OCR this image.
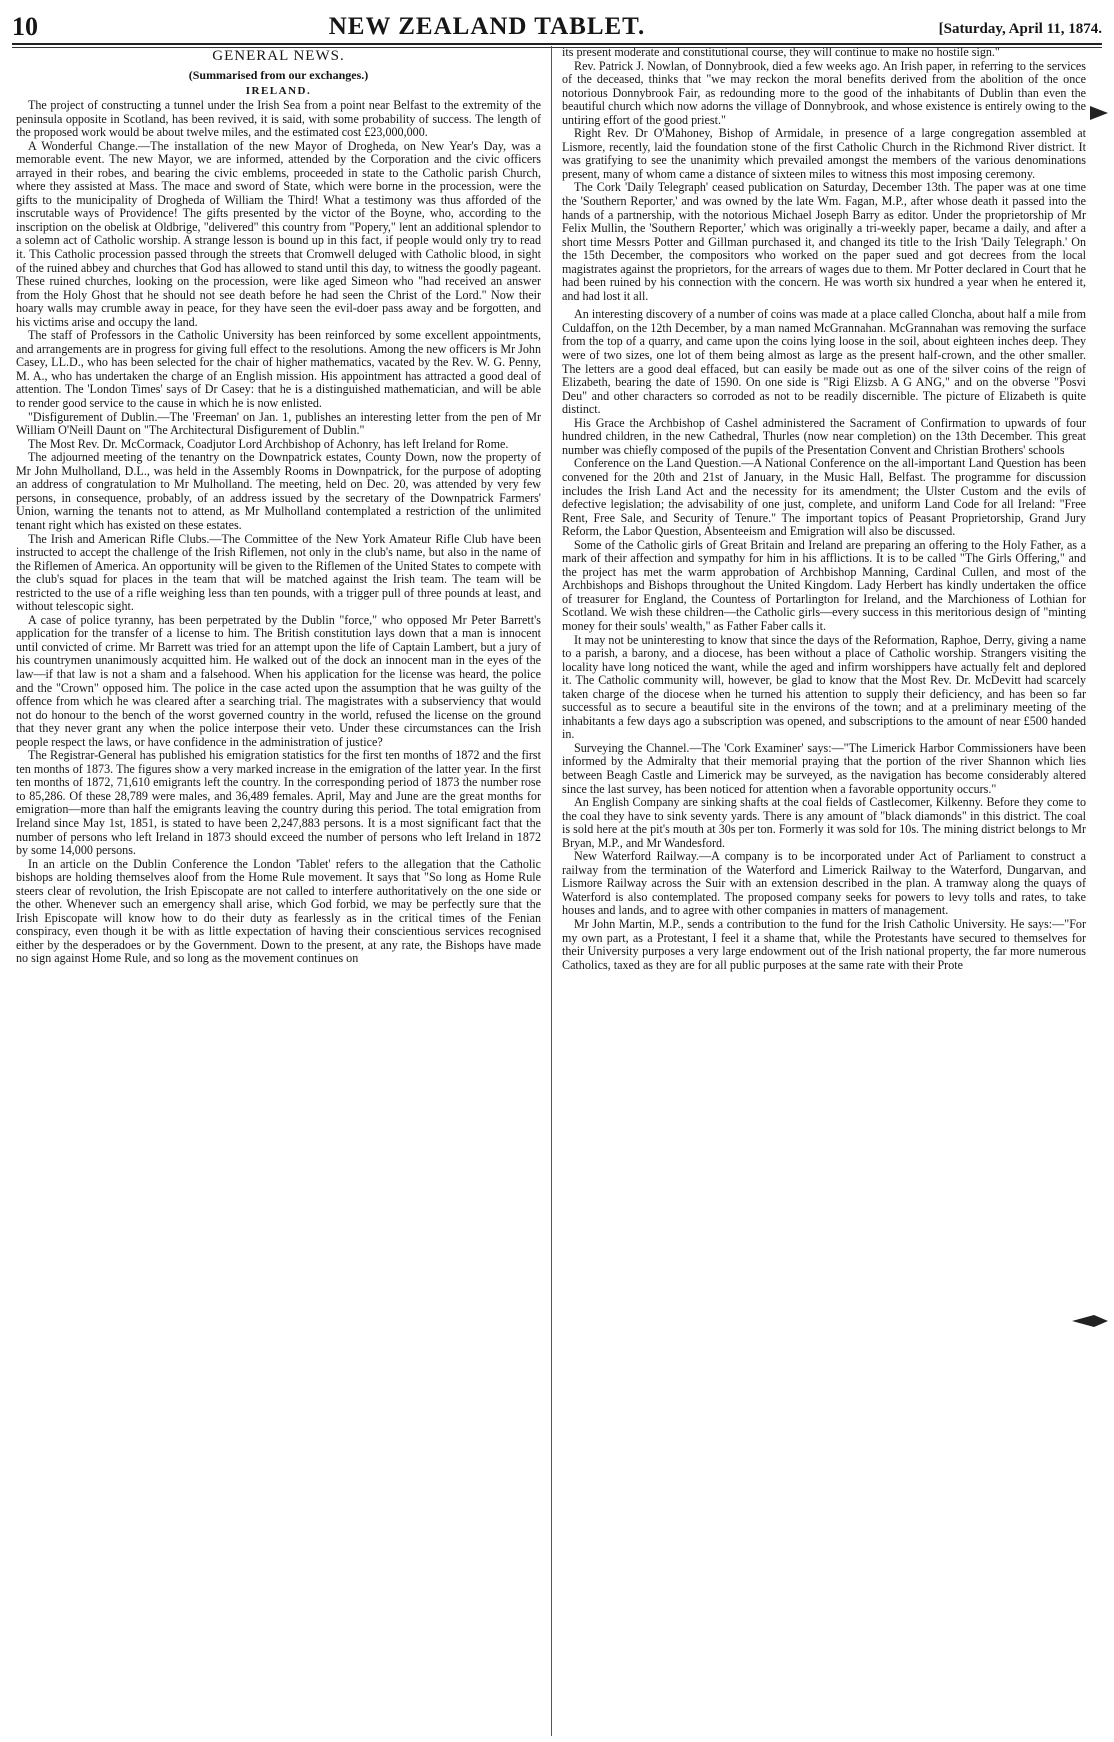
10	NEW ZEALAND TABLET.	[Saturday, April 11, 1874.
GENERAL NEWS.
(Summarised from our exchanges.)
IRELAND.

The project of constructing a tunnel under the Irish Sea from a point near Belfast to the extremity of the peninsula opposite in Scotland, has been revived, it is said, with some probability of success. The length of the proposed work would be about twelve miles, and the estimated cost £23,000,000.

A Wonderful Change.—The installation of the new Mayor of Drogheda, on New Year's Day, was a memorable event. The new Mayor, we are informed, attended by the Corporation and the civic officers arrayed in their robes, and bearing the civic emblems, proceeded in state to the Catholic parish Church, where they assisted at Mass. The mace and sword of State, which were borne in the procession, were the gifts to the municipality of Drogheda of William the Third! What a testimony was thus afforded of the inscrutable ways of Providence! The gifts presented by the victor of the Boyne, who, according to the inscription on the obelisk at Oldbrige, "delivered" this country from "Popery," lent an additional splendor to a solemn act of Catholic worship. A strange lesson is bound up in this fact, if people would only try to read it. This Catholic procession passed through the streets that Cromwell deluged with Catholic blood, in sight of the ruined abbey and churches that God has allowed to stand until this day, to witness the goodly pageant. These ruined churches, looking on the procession, were like aged Simeon who "had received an answer from the Holy Ghost that he should not see death before he had seen the Christ of the Lord." Now their hoary walls may crumble away in peace, for they have seen the evil-doer pass away and be forgotten, and his victims arise and occupy the land.

The staff of Professors in the Catholic University has been reinforced by some excellent appointments, and arrangements are in progress for giving full effect to the resolutions. Among the new officers is Mr John Casey, LL.D., who has been selected for the chair of higher mathematics, vacated by the Rev. W. G. Penny, M. A., who has undertaken the charge of an English mission. His appointment has attracted a good deal of attention. The 'London Times' says of Dr Casey: that he is a distinguished mathematician, and will be able to render good service to the cause in which he is now enlisted.

"Disfigurement of Dublin.—The 'Freeman' on Jan. 1, publishes an interesting letter from the pen of Mr William O'Neill Daunt on "The Architectural Disfigurement of Dublin."

The Most Rev. Dr. McCormack, Coadjutor Lord Archbishop of Achonry, has left Ireland for Rome.

The adjourned meeting of the tenantry on the Downpatrick estates, County Down, now the property of Mr John Mulholland, D.L., was held in the Assembly Rooms in Downpatrick, for the purpose of adopting an address of congratulation to Mr Mulholland. The meeting, held on Dec. 20, was attended by very few persons, in consequence, probably, of an address issued by the secretary of the Downpatrick Farmers' Union, warning the tenants not to attend, as Mr Mulholland contemplated a restriction of the unlimited tenant right which has existed on these estates.

The Irish and American Rifle Clubs.—The Committee of the New York Amateur Rifle Club have been instructed to accept the challenge of the Irish Riflemen, not only in the club's name, but also in the name of the Riflemen of America. An opportunity will be given to the Riflemen of the United States to compete with the club's squad for places in the team that will be matched against the Irish team. The team will be restricted to the use of a rifle weighing less than ten pounds, with a trigger pull of three pounds at least, and without telescopic sight.

A case of police tyranny, has been perpetrated by the Dublin "force," who opposed Mr Peter Barrett's application for the transfer of a license to him. The British constitution lays down that a man is innocent until convicted of crime. Mr Barrett was tried for an attempt upon the life of Captain Lambert, but a jury of his countrymen unanimously acquitted him. He walked out of the dock an innocent man in the eyes of the law—if that law is not a sham and a falsehood. When his application for the license was heard, the police and the "Crown" opposed him. The police in the case acted upon the assumption that he was guilty of the offence from which he was cleared after a searching trial. The magistrates with a subserviency that would not do honour to the bench of the worst governed country in the world, refused the license on the ground that they never grant any when the police interpose their veto. Under these circumstances can the Irish people respect the laws, or have confidence in the administration of justice?

The Registrar-General has published his emigration statistics for the first ten months of 1872 and the first ten months of 1873. The figures show a very marked increase in the emigration of the latter year. In the first ten months of 1872, 71,610 emigrants left the country. In the corresponding period of 1873 the number rose to 85,286. Of these 28,789 were males, and 36,489 females. April, May and June are the great months for emigration—more than half the emigrants leaving the country during this period. The total emigration from Ireland since May 1st, 1851, is stated to have been 2,247,883 persons. It is a most significant fact that the number of persons who left Ireland in 1873 should exceed the number of persons who left Ireland in 1872 by some 14,000 persons.

In an article on the Dublin Conference the London 'Tablet' refers to the allegation that the Catholic bishops are holding themselves aloof from the Home Rule movement. It says that "So long as Home Rule steers clear of revolution, the Irish Episcopate are not called to interfere authoritatively on the one side or the other. Whenever such an emergency shall arise, which God forbid, we may be perfectly sure that the Irish Episcopate will know how to do their duty as fearlessly as in the critical times of the Fenian conspiracy, even though it be with as little expectation of having their conscientious services recognised either by the desperadoes or by the Government. Down to the present, at any rate, the Bishops have made no sign against Home Rule, and so long as the movement continues on

its present moderate and constitutional course, they will continue to make no hostile sign."

Rev. Patrick J. Nowlan, of Donnybrook, died a few weeks ago. An Irish paper, in referring to the services of the deceased, thinks that "we may reckon the moral benefits derived from the abolition of the once notorious Donnybrook Fair, as redounding more to the good of the inhabitants of Dublin than even the beautiful church which now adorns the village of Donnybrook, and whose existence is entirely owing to the untiring effort of the good priest."

Right Rev. Dr O'Mahoney, Bishop of Armidale, in presence of a large congregation assembled at Lismore, recently, laid the foundation stone of the first Catholic Church in the Richmond River district. It was gratifying to see the unanimity which prevailed amongst the members of the various denominations present, many of whom came a distance of sixteen miles to witness this most imposing ceremony.

The Cork 'Daily Telegraph' ceased publication on Saturday, December 13th. The paper was at one time the 'Southern Reporter,' and was owned by the late Wm. Fagan, M.P., after whose death it passed into the hands of a partnership, with the notorious Michael Joseph Barry as editor. Under the proprietorship of Mr Felix Mullin, the 'Southern Reporter,' which was originally a tri-weekly paper, became a daily, and after a short time Messrs Potter and Gillman purchased it, and changed its title to the Irish 'Daily Telegraph.' On the 15th December, the compositors who worked on the paper sued and got decrees from the local magistrates against the proprietors, for the arrears of wages due to them. Mr Potter declared in Court that he had been ruined by his connection with the concern. He was worth six hundred a year when he entered it, and had lost it all.

An interesting discovery of a number of coins was made at a place called Cloncha, about half a mile from Culdaffon, on the 12th December, by a man named McGrannahan. McGrannahan was removing the surface from the top of a quarry, and came upon the coins lying loose in the soil, about eighteen inches deep. They were of two sizes, one lot of them being almost as large as the present half-crown, and the other smaller. The letters are a good deal effaced, but can easily be made out as one of the silver coins of the reign of Elizabeth, bearing the date of 1590. On one side is "Rigi Elizsb. A G ANG," and on the obverse "Posvi Deu" and other characters so corroded as not to be readily discernible. The picture of Elizabeth is quite distinct.

His Grace the Archbishop of Cashel administered the Sacrament of Confirmation to upwards of four hundred children, in the new Cathedral, Thurles (now near completion) on the 13th December. This great number was chiefly composed of the pupils of the Presentation Convent and Christian Brothers' schools

Conference on the Land Question.—A National Conference on the all-important Land Question has been convened for the 20th and 21st of January, in the Music Hall, Belfast. The programme for discussion includes the Irish Land Act and the necessity for its amendment; the Ulster Custom and the evils of defective legislation; the advisability of one just, complete, and uniform Land Code for all Ireland: "Free Rent, Free Sale, and Security of Tenure." The important topics of Peasant Proprietorship, Grand Jury Reform, the Labor Question, Absenteeism and Emigration will also be discussed.

Some of the Catholic girls of Great Britain and Ireland are preparing an offering to the Holy Father, as a mark of their affection and sympathy for him in his afflictions. It is to be called "The Girls Offering," and the project has met the warm approbation of Archbishop Manning, Cardinal Cullen, and most of the Archbishops and Bishops throughout the United Kingdom. Lady Herbert has kindly undertaken the office of treasurer for England, the Countess of Portarlington for Ireland, and the Marchioness of Lothian for Scotland. We wish these children—the Catholic girls—every success in this meritorious design of "minting money for their souls' wealth," as Father Faber calls it.

It may not be uninteresting to know that since the days of the Reformation, Raphoe, Derry, giving a name to a parish, a barony, and a diocese, has been without a place of Catholic worship. Strangers visiting the locality have long noticed the want, while the aged and infirm worshippers have actually felt and deplored it. The Catholic community will, however, be glad to know that the Most Rev. Dr. McDevitt had scarcely taken charge of the diocese when he turned his attention to supply their deficiency, and has been so far successful as to secure a beautiful site in the environs of the town; and at a preliminary meeting of the inhabitants a few days ago a subscription was opened, and subscriptions to the amount of near £500 handed in.

Surveying the Channel.—The 'Cork Examiner' says:—"The Limerick Harbor Commissioners have been informed by the Admiralty that their memorial praying that the portion of the river Shannon which lies between Beagh Castle and Limerick may be surveyed, as the navigation has become considerably altered since the last survey, has been noticed for attention when a favorable opportunity occurs."

An English Company are sinking shafts at the coal fields of Castlecomer, Kilkenny. Before they come to the coal they have to sink seventy yards. There is any amount of "black diamonds" in this district. The coal is sold here at the pit's mouth at 30s per ton. Formerly it was sold for 10s. The mining district belongs to Mr Bryan, M.P., and Mr Wandesford.

New Waterford Railway.—A company is to be incorporated under Act of Parliament to construct a railway from the termination of the Waterford and Limerick Railway to the Waterford, Dungarvan, and Lismore Railway across the Suir with an extension described in the plan. A tramway along the quays of Waterford is also contemplated. The proposed company seeks for powers to levy tolls and rates, to take houses and lands, and to agree with other companies in matters of management.

Mr John Martin, M.P., sends a contribution to the fund for the Irish Catholic University. He says:—"For my own part, as a Protestant, I feel it a shame that, while the Protestants have secured to themselves for their University purposes a very large endowment out of the Irish national property, the far more numerous Catholics, taxed as they are for all public purposes at the same rate with their Prote
